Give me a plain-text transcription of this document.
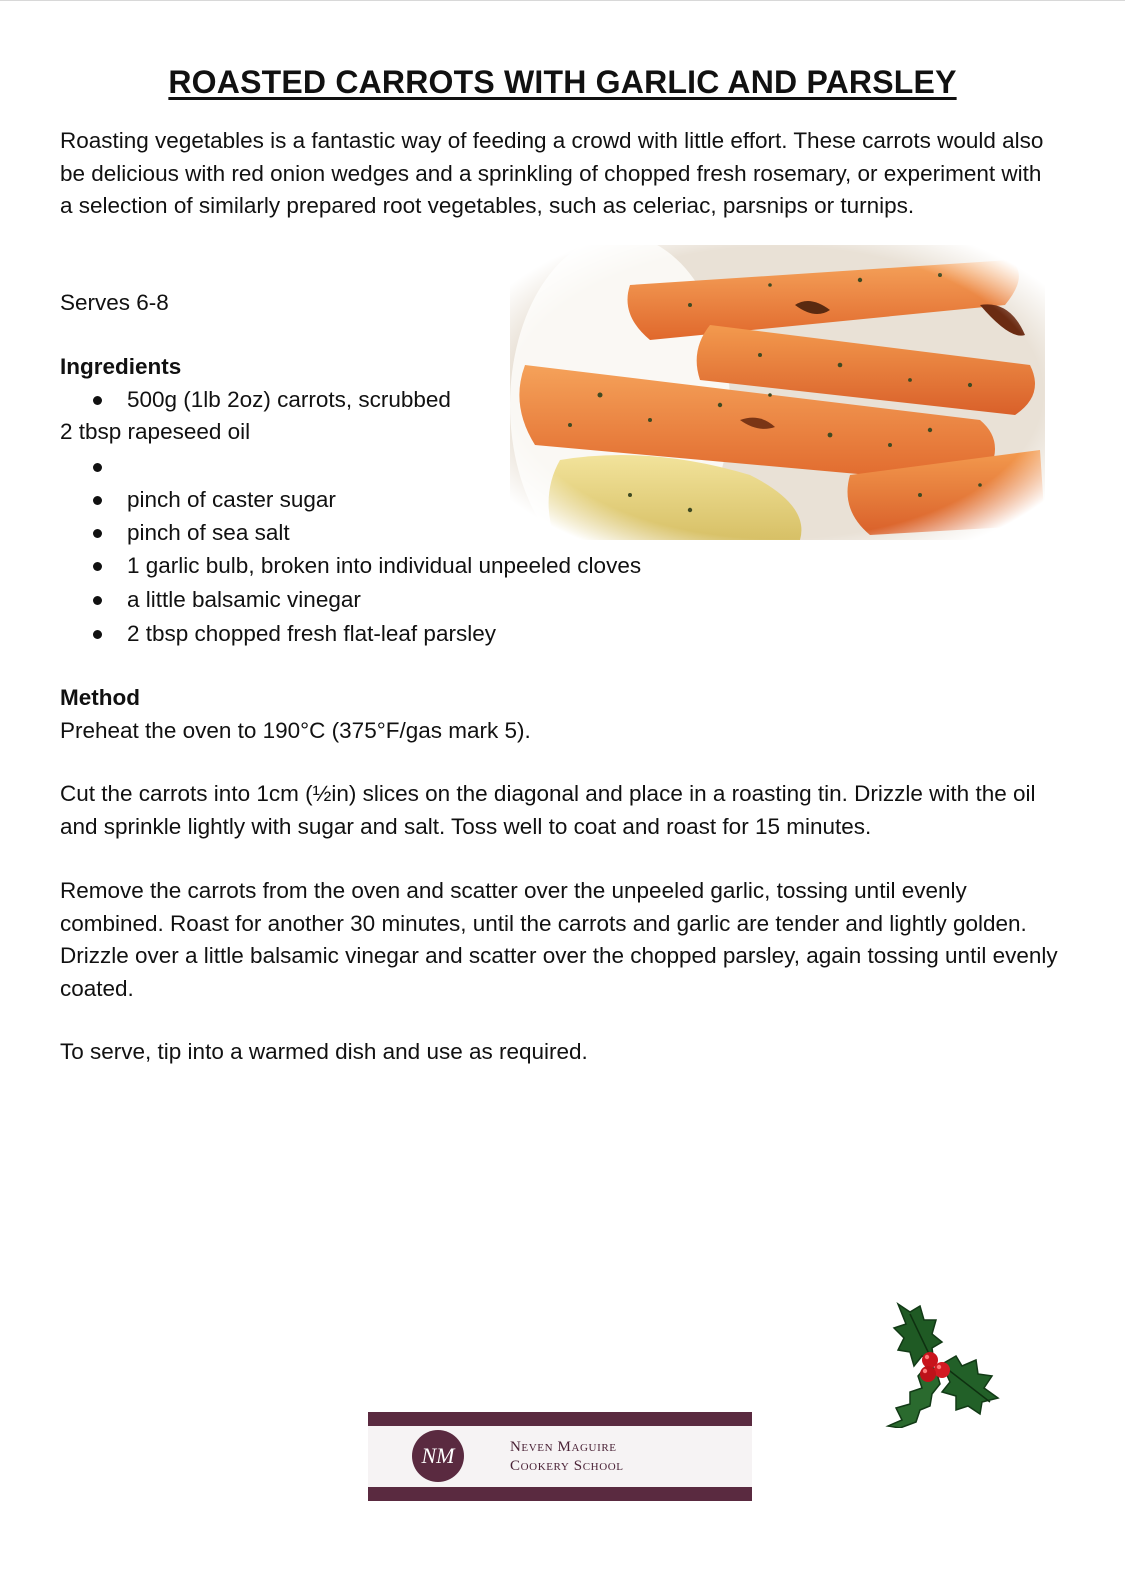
ROASTED CARROTS WITH GARLIC AND PARSLEY
Roasting vegetables is a fantastic way of feeding a crowd with little effort. These carrots would also be delicious with red onion wedges and a sprinkling of chopped fresh rosemary, or experiment with a selection of similarly prepared root vegetables, such as celeriac, parsnips or turnips.
Serves 6-8
Ingredients
500g (1lb 2oz) carrots, scrubbed
2 tbsp rapeseed oil
pinch of caster sugar
pinch of sea salt
1 garlic bulb, broken into individual unpeeled cloves
a little balsamic vinegar
2 tbsp chopped fresh flat-leaf parsley
Method
Preheat the oven to 190°C (375°F/gas mark 5).
Cut the carrots into 1cm (½in) slices on the diagonal and place in a roasting tin. Drizzle with the oil and sprinkle lightly with sugar and salt. Toss well to coat and roast for 15 minutes.
Remove the carrots from the oven and scatter over the unpeeled garlic, tossing until evenly combined. Roast for another 30 minutes, until the carrots and garlic are tender and lightly golden. Drizzle over a little balsamic vinegar and scatter over the chopped parsley, again tossing until evenly coated.
To serve, tip into a warmed dish and use as required.
NM	Neven Maguire
Cookery School
